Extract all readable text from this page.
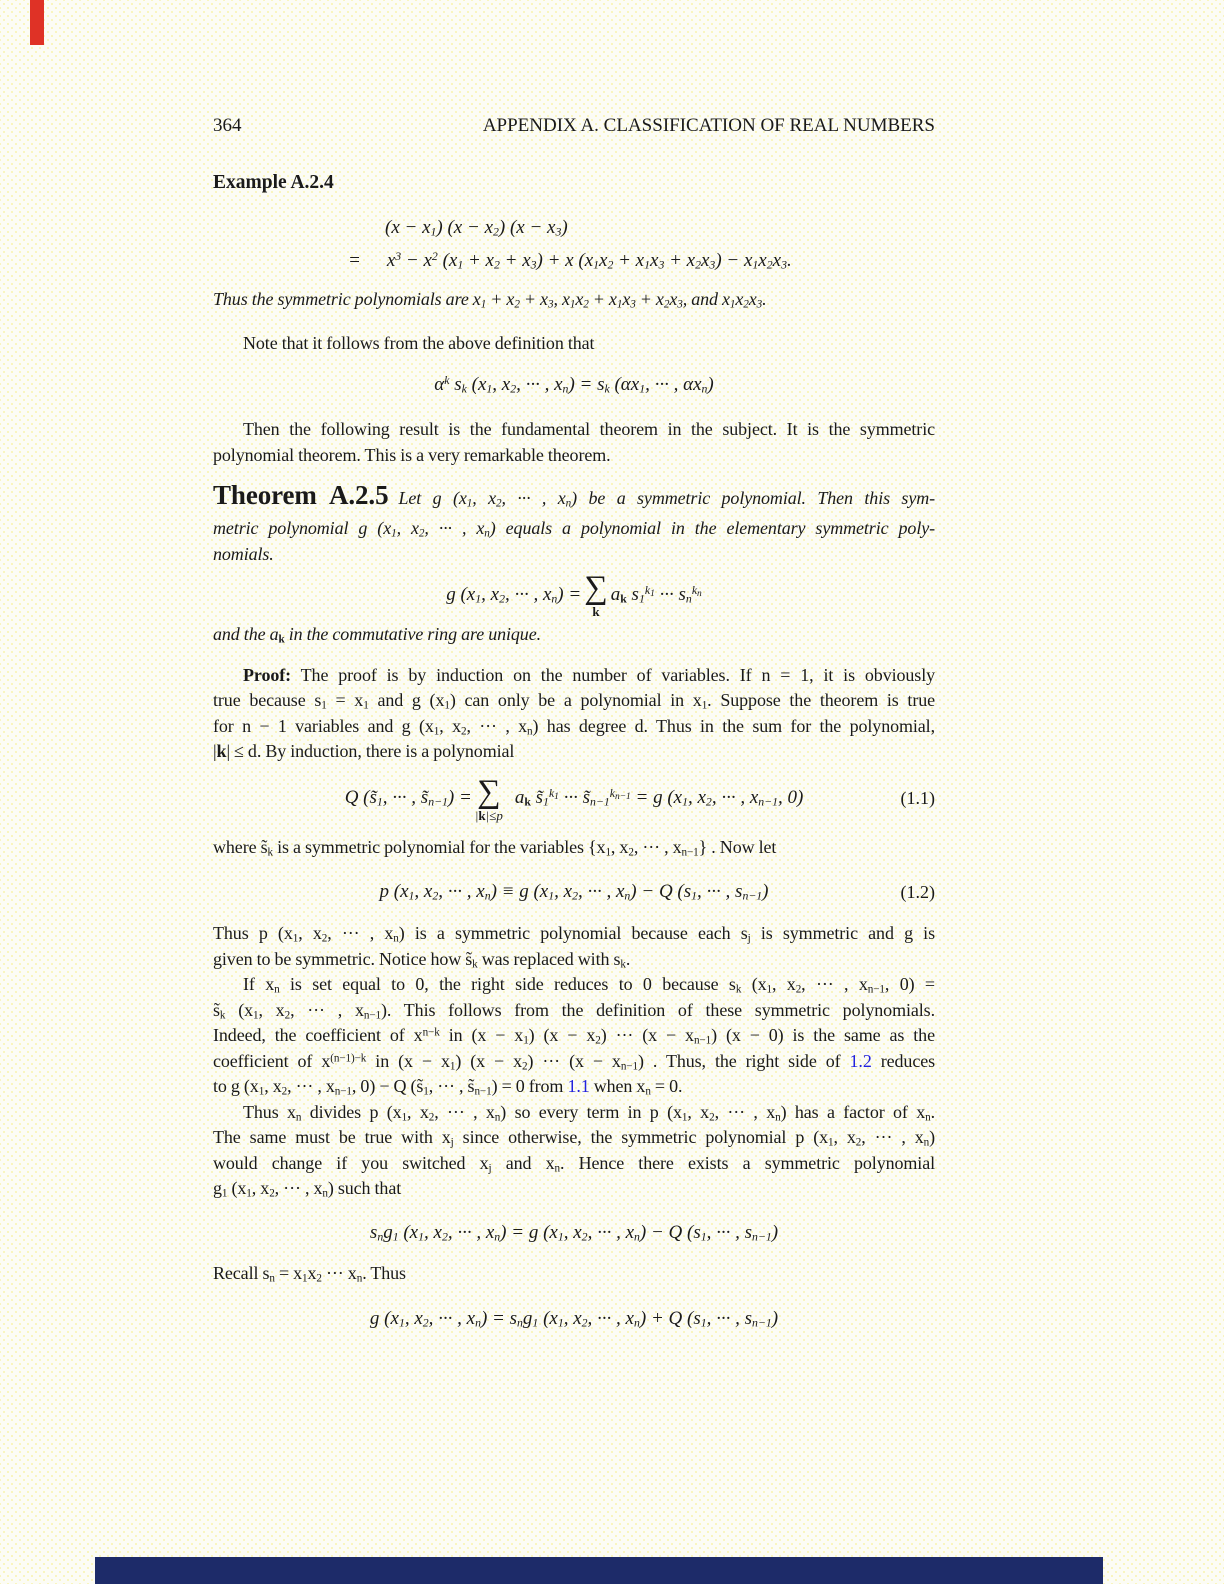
364	APPENDIX A. CLASSIFICATION OF REAL NUMBERS
Example A.2.4
$(x - x_1)$ $(x - x_2)$ $(x - x_3)$
= $x^3 - x^2$ $(x_1 + x_2 + x_3) + x$ $(x_1x_2 + x_1x_3 + x_2x_3) - x_1x_2x_3$.
Thus the symmetric polynomials are $x_1 + x_2 + x_3$, $x_1x_2 + x_1x_3 + x_2x_3$, and $x_1x_2x_3$.
Note that it follows from the above definition that
$\alpha^k$ $s_k$ ($x_1$, $x_2$, ··· , $x_n) = s_k$ ($\alpha x_1$, ··· , $\alpha x_n$)
Then the following result is the fundamental theorem in the subject. It is the symmetric
polynomial theorem. This is a very remarkable theorem.
Theorem A.2.5 Let g ($x_1$, $x_2$, ··· , $x_n$) be a symmetric polynomial. Then this sym-
metric polynomial g ($x_1$, $x_2$, ··· , $x_n$) equals a polynomial in the elementary symmetric poly-
nomials.
g ($x_1$, $x_2$, ··· , $x_n$) = ∑
k
$a_k$ $s_1^{k_1}$ ··· $s_n^{k_n}$
and the $a_k$ in the commutative ring are unique.
Proof: The proof is by induction on the number of variables. If n = 1, it is obviously
true because $s_1 = x_1$ and g $(x_1)$ can only be a polynomial in $x_1$. Suppose the theorem is true
for n − 1 variables and g ($x_1$, $x_2$, ··· , $x_n$) has degree d. Thus in the sum for the polynomial,
|k| ≤ d. By induction, there is a polynomial
Q ($s̃_1$, ··· , $s̃_{n-1}$) = ∑
|k|≤p
$a_k$ $s̃_1^{k_1}$ ··· $s̃_{n-1}^{k_{n-1}} = g$ ($x_1$, $x_2$, ··· , $x_{n-1}$, 0)	(1.1)
where $s̃_k$ is a symmetric polynomial for the variables {$x_1$, $x_2$, ··· , $x_{n-1}$} . Now let
p ($x_1$, $x_2$, ··· , $x_n) \equiv g$ ($x_1$, $x_2$, ··· , $x_n) - Q$ ($s_1$, ··· , $s_{n-1}$)	(1.2)
Thus p ($x_1$, $x_2$, ··· , $x_n$) is a symmetric polynomial because each $s_j$ is symmetric and g is
given to be symmetric. Notice how $s̃_k$ was replaced with $s_k$.
If $x_n$ is set equal to 0, the right side reduces to 0 because $s_k$ ($x_1$, $x_2$, ··· , $x_{n-1}$, 0) =
$s̃_k$ ($x_1$, $x_2$, ··· , $x_{n-1}$). This follows from the definition of these symmetric polynomials.
Indeed, the coefficient of $x^{n-k}$ in $(x - x_1)$ $(x - x_2)$ ··· $(x - x_{n-1})$ (x − 0) is the same as the
coefficient of $x^{(n-1)-k}$ in $(x - x_1)$ $(x - x_2)$ ··· $(x - x_{n-1})$ . Thus, the right side of 1.2 reduces
to g ($x_1$, $x_2$, ··· , $x_{n-1}$, 0) − Q ($s̃_1$, ··· , $s̃_{n-1}) = 0$ from 1.1 when $x_n = 0$.
Thus $x_n$ divides p ($x_1$, $x_2$, ··· , $x_n$) so every term in p ($x_1$, $x_2$, ··· , $x_n$) has a factor of $x_n$.
The same must be true with $x_j$ since otherwise, the symmetric polynomial p ($x_1$, $x_2$, ··· , $x_n$)
would change if you switched $x_j$ and $x_n$. Hence there exists a symmetric polynomial
$g_1$ ($x_1$, $x_2$, ··· , $x_n$) such that
$s_ng_1$ ($x_1$, $x_2$, ··· , $x_n) = g$ ($x_1$, $x_2$, ··· , $x_n) - Q$ ($s_1$, ··· , $s_{n-1}$)
Recall $s_n = x_1x_2$ ··· $x_n$. Thus
g ($x_1$, $x_2$, ··· , $x_n) = s_ng_1$ ($x_1$, $x_2$, ··· , $x_n) + Q$ ($s_1$, ··· , $s_{n-1}$)
